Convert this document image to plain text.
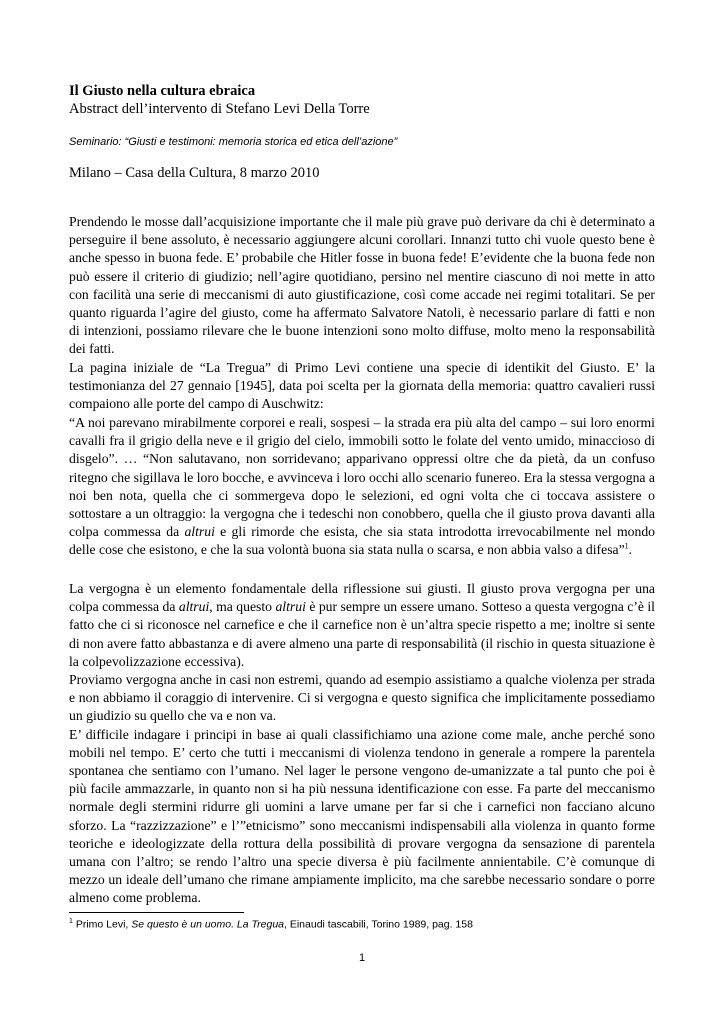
Il Giusto nella cultura ebraica
Abstract dell’intervento di Stefano Levi Della Torre
Seminario: “Giusti e testimoni: memoria storica ed etica dell’azione”
Milano – Casa della Cultura, 8 marzo 2010

Prendendo le mosse dall’acquisizione importante che il male più grave può derivare da chi è determinato a perseguire il bene assoluto, è necessario aggiungere alcuni corollari. Innanzi tutto chi vuole questo bene è anche spesso in buona fede. E’ probabile che Hitler fosse in buona fede! E’evidente che la buona fede non può essere il criterio di giudizio; nell’agire quotidiano, persino nel mentire ciascuno di noi mette in atto con facilità una serie di meccanismi di auto giustificazione, così come accade nei regimi totalitari. Se per quanto riguarda l’agire del giusto, come ha affermato Salvatore Natoli, è necessario parlare di fatti e non di intenzioni, possiamo rilevare che le buone intenzioni sono molto diffuse, molto meno la responsabilità dei fatti.

La pagina iniziale de “La Tregua” di Primo Levi contiene una specie di identikit del Giusto. E’ la testimonianza del 27 gennaio [1945], data poi scelta per la giornata della memoria: quattro cavalieri russi compaiono alle porte del campo di Auschwitz:

“A noi parevano mirabilmente corporei e reali, sospesi – la strada era più alta del campo – sui loro enormi cavalli fra il grigio della neve e il grigio del cielo, immobili sotto le folate del vento umido, minaccioso di disgelo”. … “Non salutavano, non sorridevano; apparivano oppressi oltre che da pietà, da un confuso ritegno che sigillava le loro bocche, e avvinceva i loro occhi allo scenario funereo. Era la stessa vergogna a noi ben nota, quella che ci sommergeva dopo le selezioni, ed ogni volta che ci toccava assistere o sottostare a un oltraggio: la vergogna che i tedeschi non conobbero, quella che il giusto prova davanti alla colpa commessa da altrui e gli rimorde che esista, che sia stata introdotta irrevocabilmente nel mondo delle cose che esistono, e che la sua volontà buona sia stata nulla o scarsa, e non abbia valso a difesa”$^1$.

La vergogna è un elemento fondamentale della riflessione sui giusti. Il giusto prova vergogna per una colpa commessa da altrui, ma questo altrui è pur sempre un essere umano. Sotteso a questa vergogna c’è il fatto che ci si riconosce nel carnefice e che il carnefice non è un’altra specie rispetto a me; inoltre si sente di non avere fatto abbastanza e di avere almeno una parte di responsabilità (il rischio in questa situazione è la colpevolizzazione eccessiva).

Proviamo vergogna anche in casi non estremi, quando ad esempio assistiamo a qualche violenza per strada e non abbiamo il coraggio di intervenire. Ci si vergogna e questo significa che implicitamente possediamo un giudizio su quello che va e non va.

E’ difficile indagare i principi in base ai quali classifichiamo una azione come male, anche perché sono mobili nel tempo. E’ certo che tutti i meccanismi di violenza tendono in generale a rompere la parentela spontanea che sentiamo con l’umano. Nel lager le persone vengono de-umanizzate a tal punto che poi è più facile ammazzarle, in quanto non si ha più nessuna identificazione con esse. Fa parte del meccanismo normale degli stermini ridurre gli uomini a larve umane per far si che i carnefici non facciano alcuno sforzo. La “razzizzazione” e l’”etnicismo” sono meccanismi indispensabili alla violenza in quanto forme teoriche e ideologizzate della rottura della possibilità di provare vergogna da sensazione di parentela umana con l’altro; se rendo l’altro una specie diversa è più facilmente annientabile. C’è comunque di mezzo un ideale dell’umano che rimane ampiamente implicito, ma che sarebbe necessario sondare o porre almeno come problema.

$^1$ Primo Levi, Se questo è un uomo. La Tregua, Einaudi tascabili, Torino 1989, pag. 158
1
